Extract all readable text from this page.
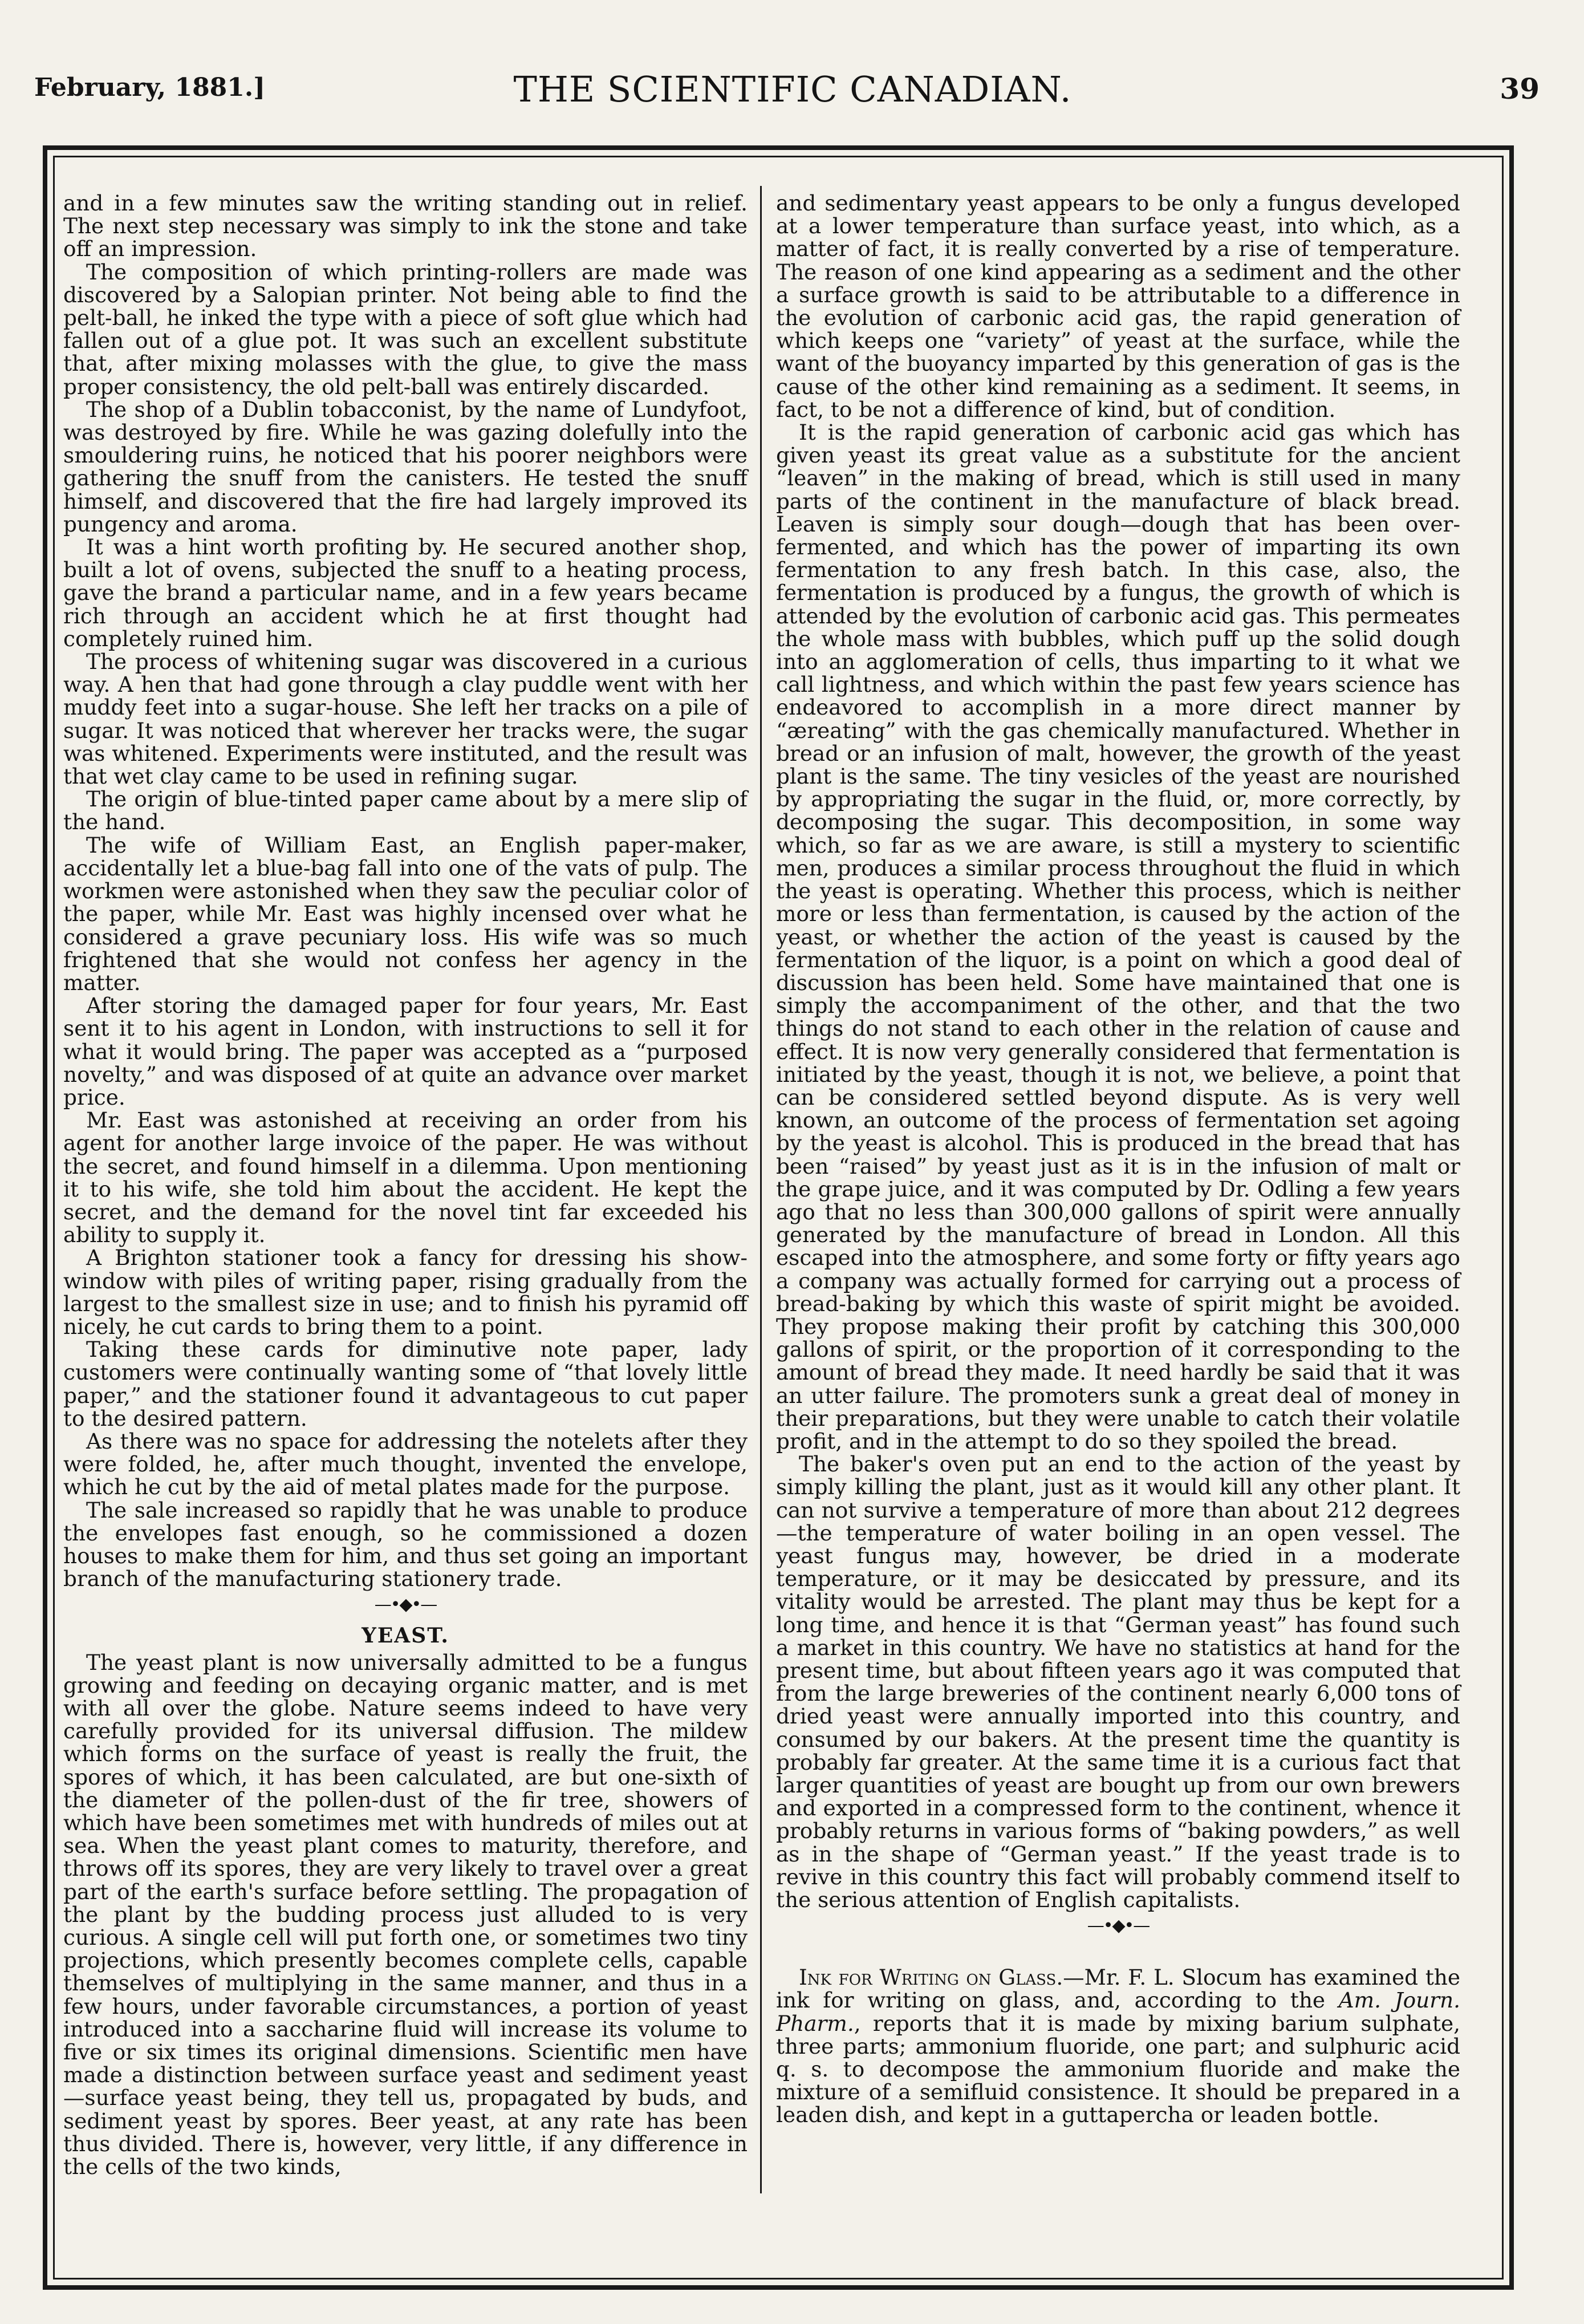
February, 1881.]	THE SCIENTIFIC CANADIAN.	39

and in a few minutes saw the writing standing out in relief. The next step necessary was simply to ink the stone and take off an impression.

The composition of which printing-rollers are made was discovered by a Salopian printer. Not being able to find the pelt-ball, he inked the type with a piece of soft glue which had fallen out of a glue pot. It was such an excellent substitute that, after mixing molasses with the glue, to give the mass proper consistency, the old pelt-ball was entirely discarded.

The shop of a Dublin tobacconist, by the name of Lundyfoot, was destroyed by fire. While he was gazing dolefully into the smouldering ruins, he noticed that his poorer neighbors were gathering the snuff from the canisters. He tested the snuff himself, and discovered that the fire had largely improved its pungency and aroma.

It was a hint worth profiting by. He secured another shop, built a lot of ovens, subjected the snuff to a heating process, gave the brand a particular name, and in a few years became rich through an accident which he at first thought had completely ruined him.

The process of whitening sugar was discovered in a curious way. A hen that had gone through a clay puddle went with her muddy feet into a sugar-house. She left her tracks on a pile of sugar. It was noticed that wherever her tracks were, the sugar was whitened. Experiments were instituted, and the result was that wet clay came to be used in refining sugar.

The origin of blue-tinted paper came about by a mere slip of the hand.

The wife of William East, an English paper-maker, accidentally let a blue-bag fall into one of the vats of pulp. The workmen were astonished when they saw the peculiar color of the paper, while Mr. East was highly incensed over what he considered a grave pecuniary loss. His wife was so much frightened that she would not confess her agency in the matter.

After storing the damaged paper for four years, Mr. East sent it to his agent in London, with instructions to sell it for what it would bring. The paper was accepted as a “purposed novelty,” and was disposed of at quite an advance over market price.

Mr. East was astonished at receiving an order from his agent for another large invoice of the paper. He was without the secret, and found himself in a dilemma. Upon mentioning it to his wife, she told him about the accident. He kept the secret, and the demand for the novel tint far exceeded his ability to supply it.

A Brighton stationer took a fancy for dressing his show-window with piles of writing paper, rising gradually from the largest to the smallest size in use; and to finish his pyramid off nicely, he cut cards to bring them to a point.

Taking these cards for diminutive note paper, lady customers were continually wanting some of “that lovely little paper,” and the stationer found it advantageous to cut paper to the desired pattern.

As there was no space for addressing the notelets after they were folded, he, after much thought, invented the envelope, which he cut by the aid of metal plates made for the purpose.

The sale increased so rapidly that he was unable to produce the envelopes fast enough, so he commissioned a dozen houses to make them for him, and thus set going an important branch of the manufacturing stationery trade.

—•◆•—
YEAST.

The yeast plant is now universally admitted to be a fungus growing and feeding on decaying organic matter, and is met with all over the globe. Nature seems indeed to have very carefully provided for its universal diffusion. The mildew which forms on the surface of yeast is really the fruit, the spores of which, it has been calculated, are but one-sixth of the diameter of the pollen-dust of the fir tree, showers of which have been sometimes met with hundreds of miles out at sea. When the yeast plant comes to maturity, therefore, and throws off its spores, they are very likely to travel over a great part of the earth's surface before settling. The propagation of the plant by the budding process just alluded to is very curious. A single cell will put forth one, or sometimes two tiny projections, which presently becomes complete cells, capable themselves of multiplying in the same manner, and thus in a few hours, under favorable circumstances, a portion of yeast introduced into a saccharine fluid will increase its volume to five or six times its original dimensions. Scientific men have made a distinction between surface yeast and sediment yeast—surface yeast being, they tell us, propagated by buds, and sediment yeast by spores. Beer yeast, at any rate has been thus divided. There is, however, very little, if any difference in the cells of the two kinds,

and sedimentary yeast appears to be only a fungus developed at a lower temperature than surface yeast, into which, as a matter of fact, it is really converted by a rise of temperature. The reason of one kind appearing as a sediment and the other a surface growth is said to be attributable to a difference in the evolution of carbonic acid gas, the rapid generation of which keeps one “variety” of yeast at the surface, while the want of the buoyancy imparted by this generation of gas is the cause of the other kind remaining as a sediment. It seems, in fact, to be not a difference of kind, but of condition.

It is the rapid generation of carbonic acid gas which has given yeast its great value as a substitute for the ancient “leaven” in the making of bread, which is still used in many parts of the continent in the manufacture of black bread. Leaven is simply sour dough—dough that has been over-fermented, and which has the power of imparting its own fermentation to any fresh batch. In this case, also, the fermentation is produced by a fungus, the growth of which is attended by the evolution of carbonic acid gas. This permeates the whole mass with bubbles, which puff up the solid dough into an agglomeration of cells, thus imparting to it what we call lightness, and which within the past few years science has endeavored to accomplish in a more direct manner by “æreating” with the gas chemically manufactured. Whether in bread or an infusion of malt, however, the growth of the yeast plant is the same. The tiny vesicles of the yeast are nourished by appropriating the sugar in the fluid, or, more correctly, by decomposing the sugar. This decomposition, in some way which, so far as we are aware, is still a mystery to scientific men, produces a similar process throughout the fluid in which the yeast is operating. Whether this process, which is neither more or less than fermentation, is caused by the action of the yeast, or whether the action of the yeast is caused by the fermentation of the liquor, is a point on which a good deal of discussion has been held. Some have maintained that one is simply the accompaniment of the other, and that the two things do not stand to each other in the relation of cause and effect. It is now very generally considered that fermentation is initiated by the yeast, though it is not, we believe, a point that can be considered settled beyond dispute. As is very well known, an outcome of the process of fermentation set agoing by the yeast is alcohol. This is produced in the bread that has been “raised” by yeast just as it is in the infusion of malt or the grape juice, and it was computed by Dr. Odling a few years ago that no less than 300,000 gallons of spirit were annually generated by the manufacture of bread in London. All this escaped into the atmosphere, and some forty or fifty years ago a company was actually formed for carrying out a process of bread-baking by which this waste of spirit might be avoided. They propose making their profit by catching this 300,000 gallons of spirit, or the proportion of it corresponding to the amount of bread they made. It need hardly be said that it was an utter failure. The promoters sunk a great deal of money in their preparations, but they were unable to catch their volatile profit, and in the attempt to do so they spoiled the bread.

The baker's oven put an end to the action of the yeast by simply killing the plant, just as it would kill any other plant. It can not survive a temperature of more than about 212 degrees—the temperature of water boiling in an open vessel. The yeast fungus may, however, be dried in a moderate temperature, or it may be desiccated by pressure, and its vitality would be arrested. The plant may thus be kept for a long time, and hence it is that “German yeast” has found such a market in this country. We have no statistics at hand for the present time, but about fifteen years ago it was computed that from the large breweries of the continent nearly 6,000 tons of dried yeast were annually imported into this country, and consumed by our bakers. At the present time the quantity is probably far greater. At the same time it is a curious fact that larger quantities of yeast are bought up from our own brewers and exported in a compressed form to the continent, whence it probably returns in various forms of “baking powders,” as well as in the shape of “German yeast.” If the yeast trade is to revive in this country this fact will probably commend itself to the serious attention of English capitalists.

—•◆•—

Ink for Writing on Glass.—Mr. F. L. Slocum has examined the ink for writing on glass, and, according to the Am. Journ. Pharm., reports that it is made by mixing barium sulphate, three parts; ammonium fluoride, one part; and sulphuric acid q. s. to decompose the ammonium fluoride and make the mixture of a semifluid consistence. It should be prepared in a leaden dish, and kept in a guttapercha or leaden bottle.
